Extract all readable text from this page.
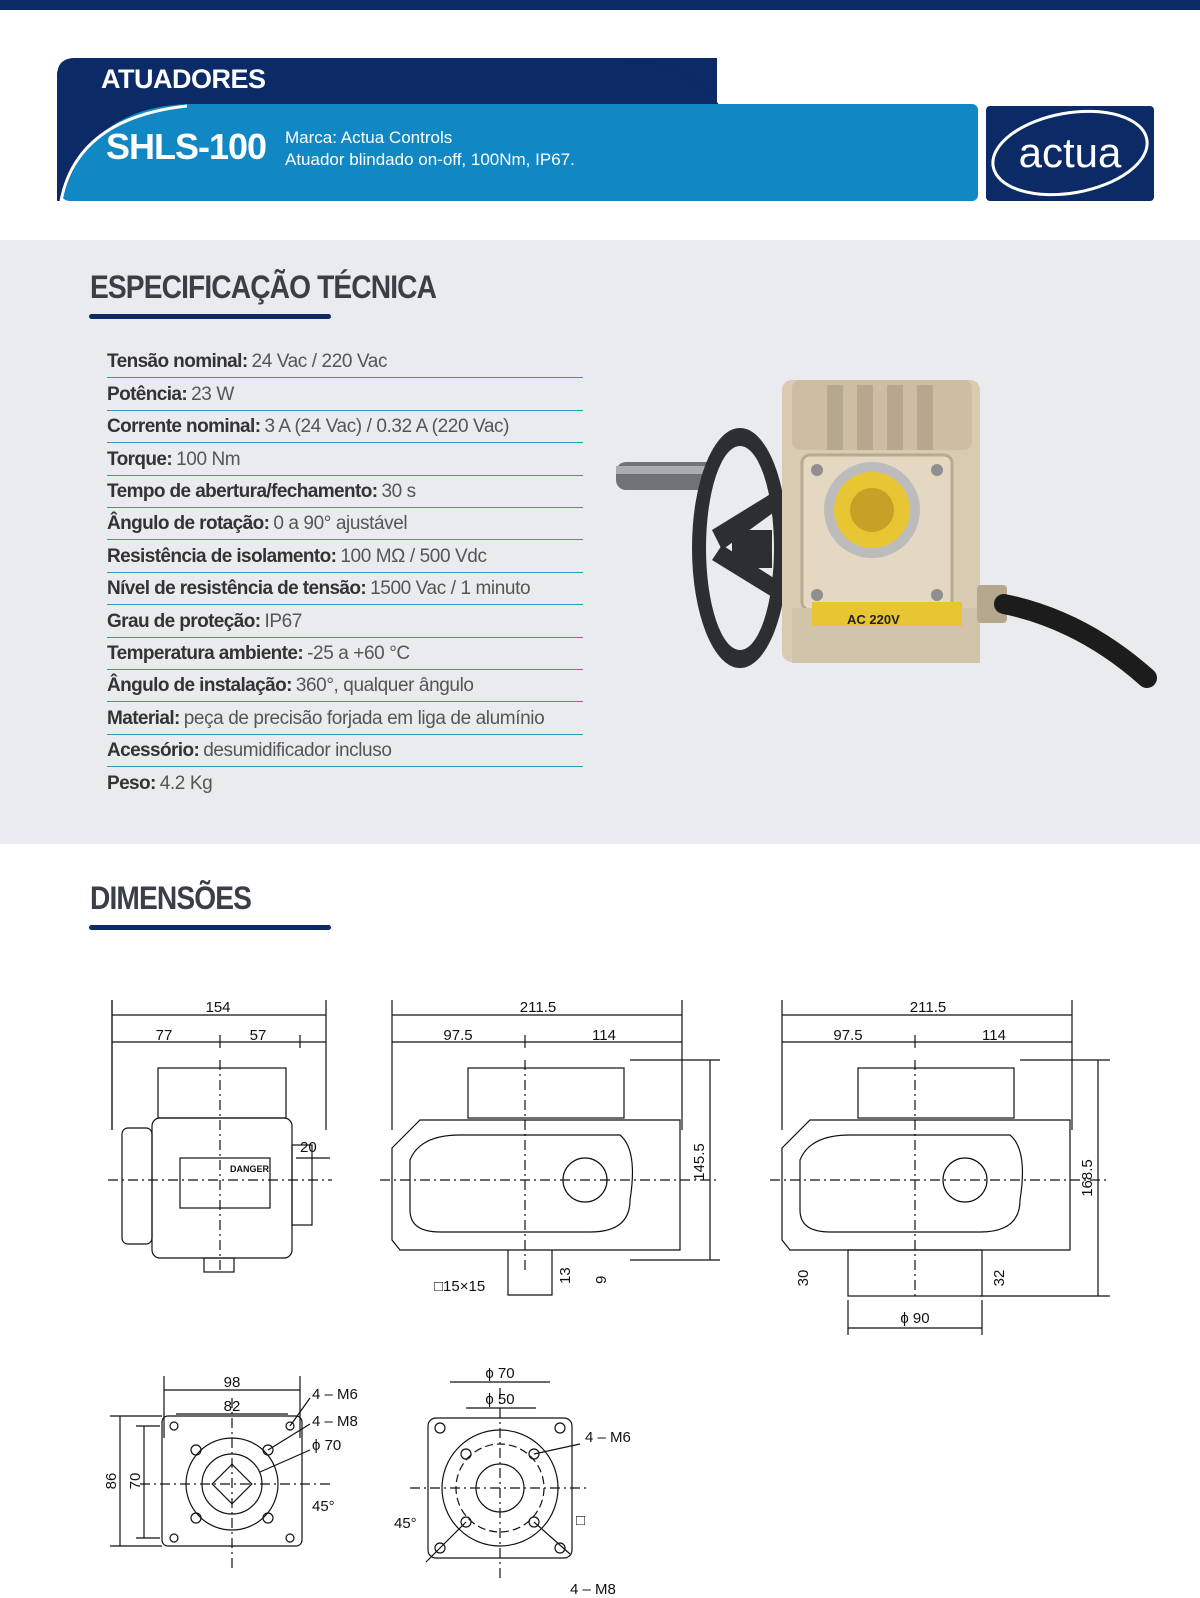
ATUADORES
SHLS-100 Marca: Actua Controls
Atuador blindado on-off, 100Nm, IP67.	actua
ESPECIFICAÇÃO TÉCNICA
Tensão nominal: 24 Vac / 220 Vac
Potência: 23 W
Corrente nominal: 3 A (24 Vac) / 0.32 A (220 Vac)
Torque: 100 Nm
Tempo de abertura/fechamento: 30 s
Ângulo de rotação: 0 a 90° ajustável
Resistência de isolamento: 100 MΩ / 500 Vdc
Nível de resistência de tensão: 1500 Vac / 1 minuto
Grau de proteção: IP67
Temperatura ambiente: -25 a +60 °C
Ângulo de instalação: 360°, qualquer ângulo
Material: peça de precisão forjada em liga de alumínio
Acessório: desumidificador incluso
Peso: 4.2 Kg
AC 220V
DIMENSÕES
154
77	57
20
DANGER
211.5
97.5	114
145.5
□15×15
13 9
211.5
97.5	114
168.5
30	32
ϕ 90
98
82
86 70
4 – M6
4 – M8
ϕ 70
45°
ϕ 70
ϕ 50
4 – M6
4 – M8
45°	□
